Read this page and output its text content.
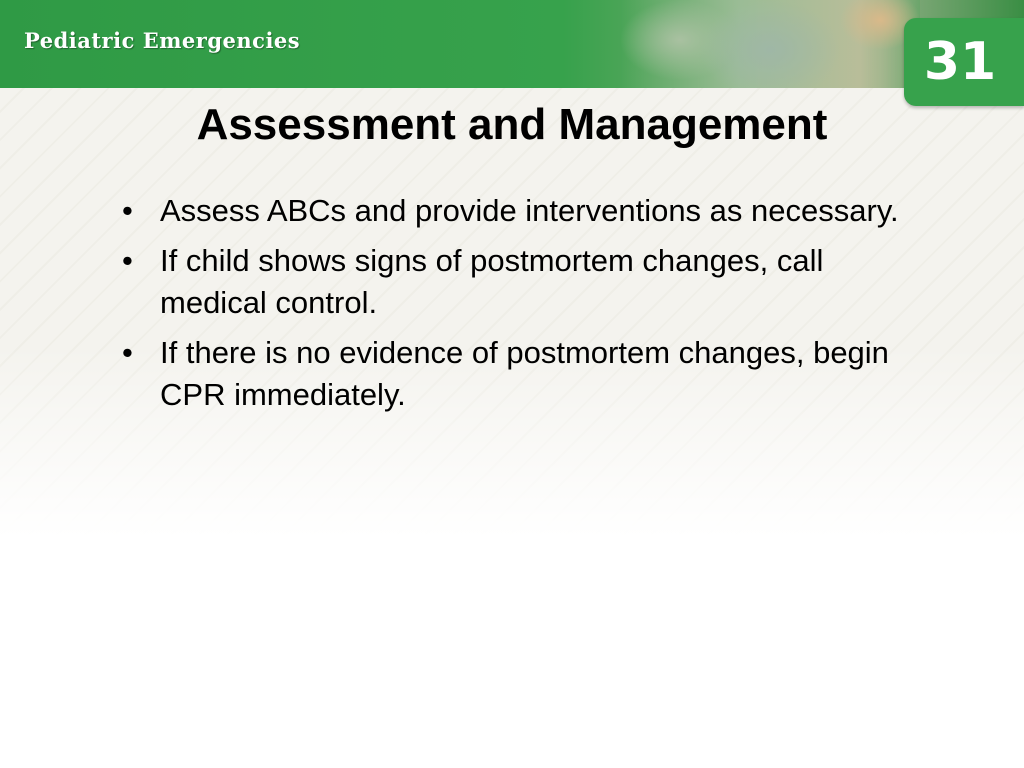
Pediatric Emergencies	31
Assessment and Management
• Assess ABCs and provide interventions as necessary.
• If child shows signs of postmortem changes, call medical control.
• If there is no evidence of postmortem changes, begin CPR immediately.
